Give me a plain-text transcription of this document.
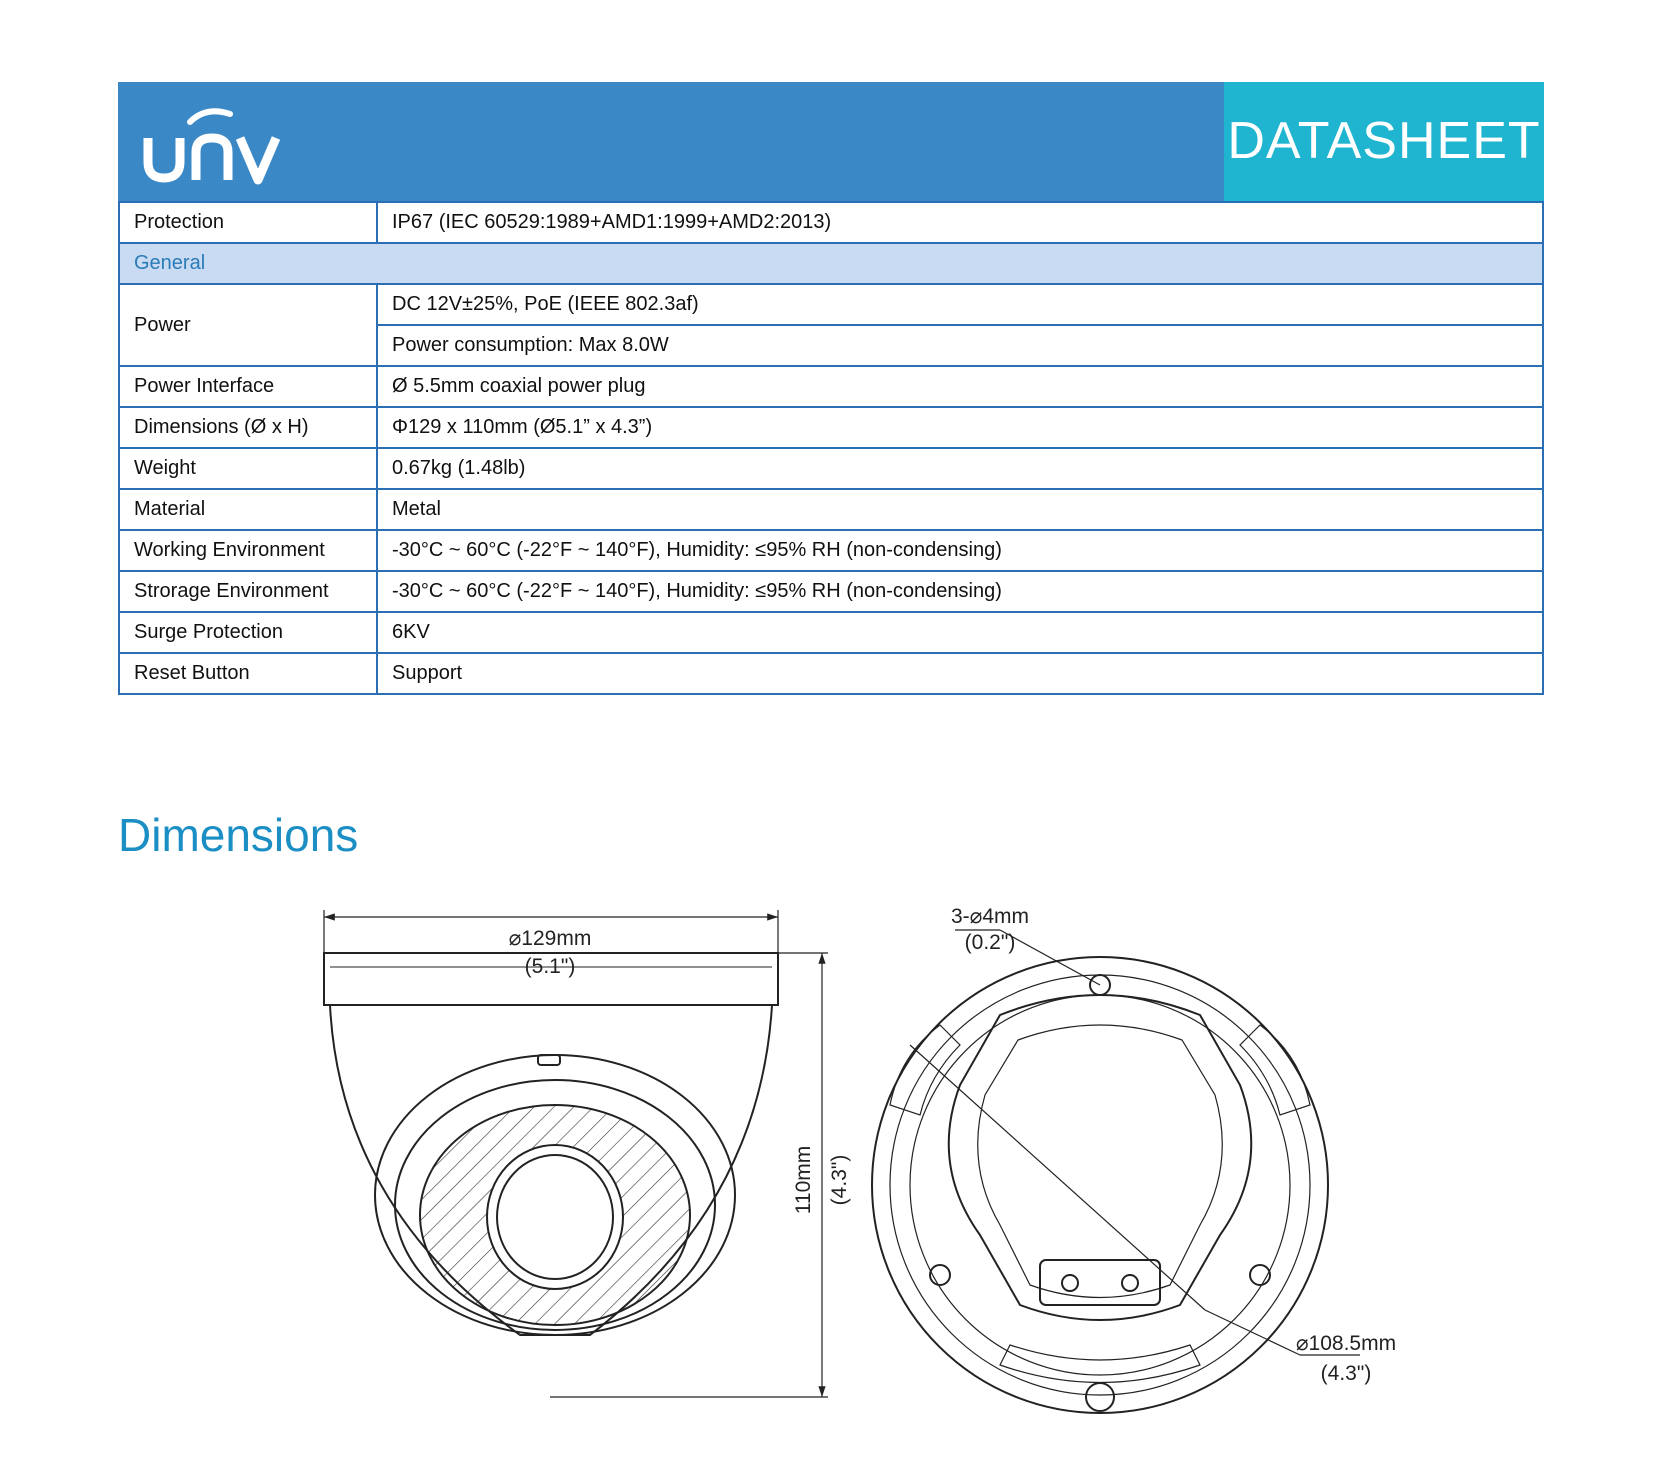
DATASHEET
Protection	IP67 (IEC 60529:1989+AMD1:1999+AMD2:2013)
General	
Power	DC 12V±25%, PoE (IEEE 802.3af)
	Power consumption: Max 8.0W
Power Interface	Ø 5.5mm coaxial power plug
Dimensions (Ø x H)	Φ129 x 110mm (Ø5.1” x 4.3”)
Weight	0.67kg (1.48lb)
Material	Metal
Working Environment	-30°C ~ 60°C (-22°F ~ 140°F), Humidity: ≤95% RH (non-condensing)
Strorage Environment	-30°C ~ 60°C (-22°F ~ 140°F), Humidity: ≤95% RH (non-condensing)
Surge Protection	6KV
Reset Button	Support
Dimensions
⌀129mm
(5.1")
110mm (4.3")
3-⌀4mm
(0.2")
⌀108.5mm
(4.3")
